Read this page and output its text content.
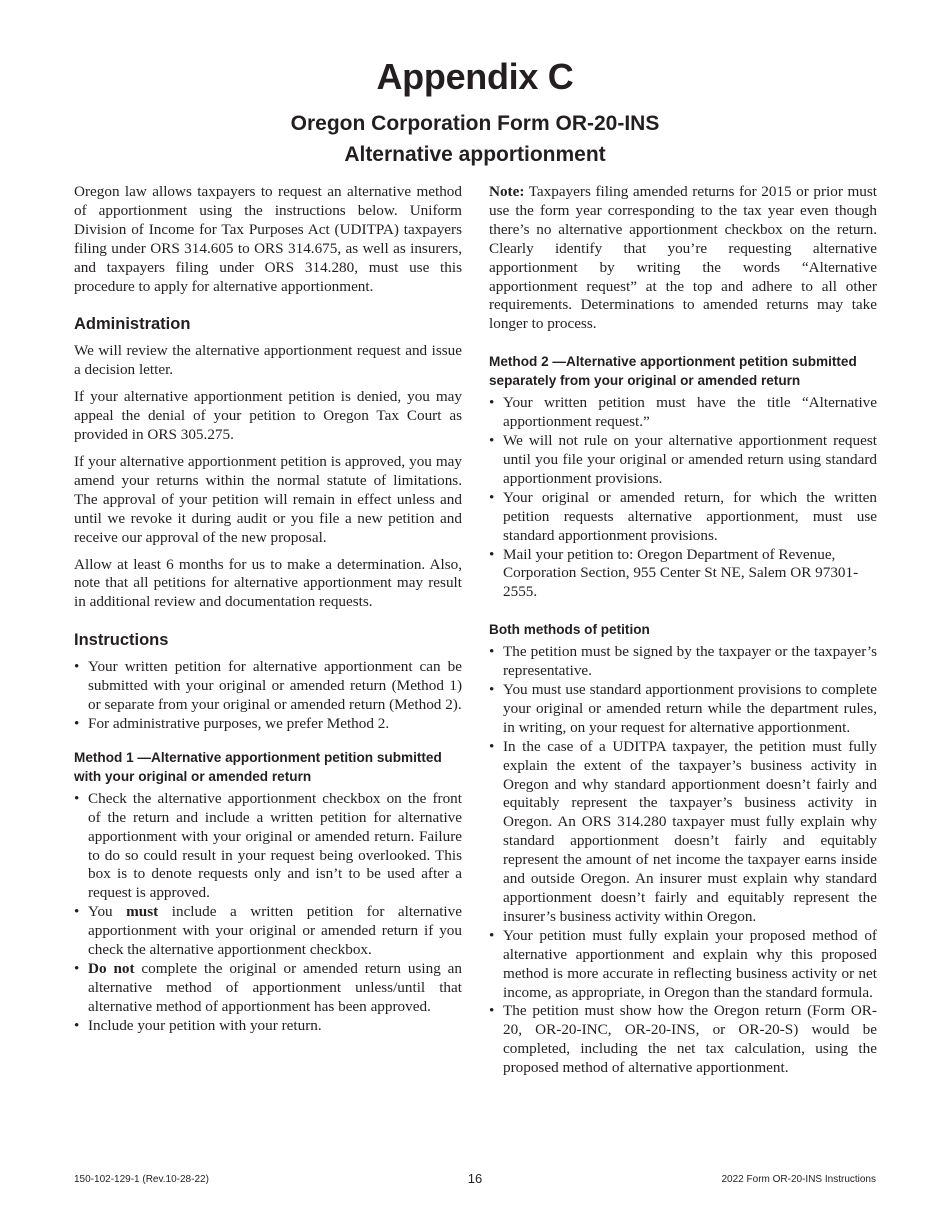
Appendix C
Oregon Corporation Form OR-20-INS
Alternative apportionment

Oregon law allows taxpayers to request an alternative method of apportionment using the instructions below. Uniform Division of Income for Tax Purposes Act (UDITPA) taxpayers filing under ORS 314.605 to ORS 314.675, as well as insurers, and taxpayers filing under ORS 314.280, must use this procedure to apply for alternative apportionment.

Administration

We will review the alternative apportionment request and issue a decision letter.

If your alternative apportionment petition is denied, you may appeal the denial of your petition to Oregon Tax Court as provided in ORS 305.275.

If your alternative apportionment petition is approved, you may amend your returns within the normal statute of limitations. The approval of your petition will remain in effect unless and until we revoke it during audit or you file a new petition and receive our approval of the new proposal.

Allow at least 6 months for us to make a determination. Also, note that all petitions for alternative apportionment may result in additional review and documentation requests.

Instructions
• Your written petition for alternative apportionment can be submitted with your original or amended return (Method 1) or separate from your original or amended return (Method 2).
• For administrative purposes, we prefer Method 2.
Method 1 —Alternative apportionment petition submitted with your original or amended return
• Check the alternative apportionment checkbox on the front of the return and include a written petition for alternative apportionment with your original or amended return. Failure to do so could result in your request being overlooked. This box is to denote requests only and isn’t to be used after a request is approved.
• You must include a written petition for alternative apportionment with your original or amended return if you check the alternative apportionment checkbox.
• Do not complete the original or amended return using an alternative method of apportionment unless/until that alternative method of apportionment has been approved.
• Include your petition with your return.

Note: Taxpayers filing amended returns for 2015 or prior must use the form year corresponding to the tax year even though there’s no alternative apportionment checkbox on the return. Clearly identify that you’re requesting alternative apportionment by writing the words “Alternative apportionment request” at the top and adhere to all other requirements. Determinations to amended returns may take longer to process.

Method 2 —Alternative apportionment petition submitted separately from your original or amended return
• Your written petition must have the title “Alternative apportionment request.”
• We will not rule on your alternative apportionment request until you file your original or amended return using standard apportionment provisions.
• Your original or amended return, for which the written petition requests alternative apportionment, must use standard apportionment provisions.
• Mail your petition to: Oregon Department of Revenue, Corporation Section, 955 Center St NE, Salem OR 97301-2555.
Both methods of petition
• The petition must be signed by the taxpayer or the taxpayer’s representative.
• You must use standard apportionment provisions to complete your original or amended return while the department rules, in writing, on your request for alternative apportionment.
• In the case of a UDITPA taxpayer, the petition must fully explain the extent of the taxpayer’s business activity in Oregon and why standard apportionment doesn’t fairly and equitably represent the taxpayer’s business activity in Oregon. An ORS 314.280 taxpayer must fully explain why standard apportionment doesn’t fairly and equitably represent the amount of net income the taxpayer earns inside and outside Oregon. An insurer must explain why standard apportionment doesn’t fairly and equitably represent the insurer’s business activity within Oregon.
• Your petition must fully explain your proposed method of alternative apportionment and explain why this proposed method is more accurate in reflecting business activity or net income, as appropriate, in Oregon than the standard formula.
• The petition must show how the Oregon return (Form OR-20, OR-20-INC, OR-20-INS, or OR-20-S) would be completed, including the net tax calculation, using the proposed method of alternative apportionment.
150-102-129-1 (Rev.10-28-22)	16	2022 Form OR-20-INS Instructions
